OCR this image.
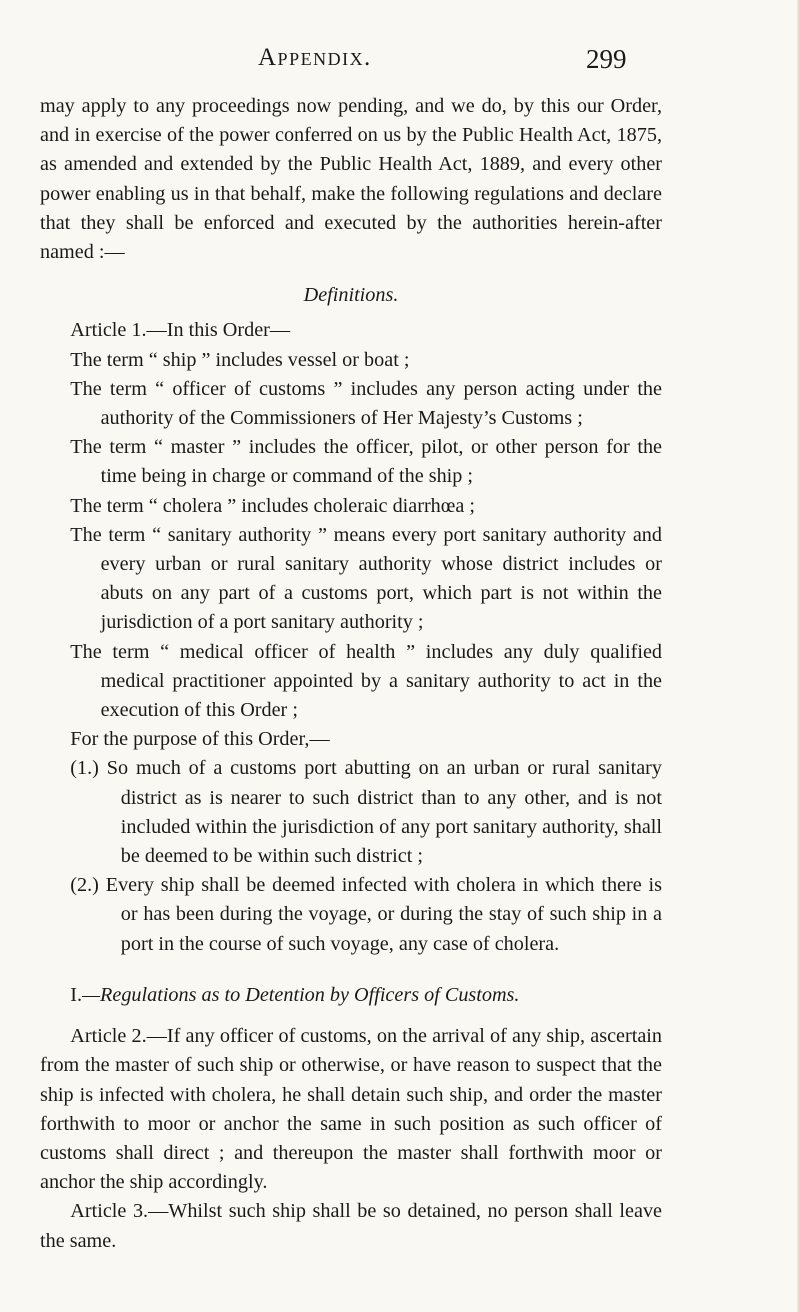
Appendix.	299

may apply to any proceedings now pending, and we do, by this our Order, and in exercise of the power conferred on us by the Public Health Act, 1875, as amended and extended by the Public Health Act, 1889, and every other power enabling us in that behalf, make the following regulations and declare that they shall be enforced and executed by the authorities herein-after named :—

Definitions.

Article 1.—In this Order—

The term “ ship ” includes vessel or boat ;

The term “ officer of customs ” includes any person acting under the authority of the Commissioners of Her Majesty’s Customs ;

The term “ master ” includes the officer, pilot, or other person for the time being in charge or command of the ship ;

The term “ cholera ” includes choleraic diarrhœa ;

The term “ sanitary authority ” means every port sanitary authority and every urban or rural sanitary authority whose district includes or abuts on any part of a customs port, which part is not within the jurisdiction of a port sanitary authority ;

The term “ medical officer of health ” includes any duly qualified medical practitioner appointed by a sanitary authority to act in the execution of this Order ;

For the purpose of this Order,—

(1.) So much of a customs port abutting on an urban or rural sanitary district as is nearer to such district than to any other, and is not included within the jurisdiction of any port sanitary authority, shall be deemed to be within such district ;

(2.) Every ship shall be deemed infected with cholera in which there is or has been during the voyage, or during the stay of such ship in a port in the course of such voyage, any case of cholera.

I.—Regulations as to Detention by Officers of Customs.

Article 2.—If any officer of customs, on the arrival of any ship, ascertain from the master of such ship or otherwise, or have reason to suspect that the ship is infected with cholera, he shall detain such ship, and order the master forthwith to moor or anchor the same in such position as such officer of customs shall direct ; and thereupon the master shall forthwith moor or anchor the ship accordingly.

Article 3.—Whilst such ship shall be so detained, no person shall leave the same.
